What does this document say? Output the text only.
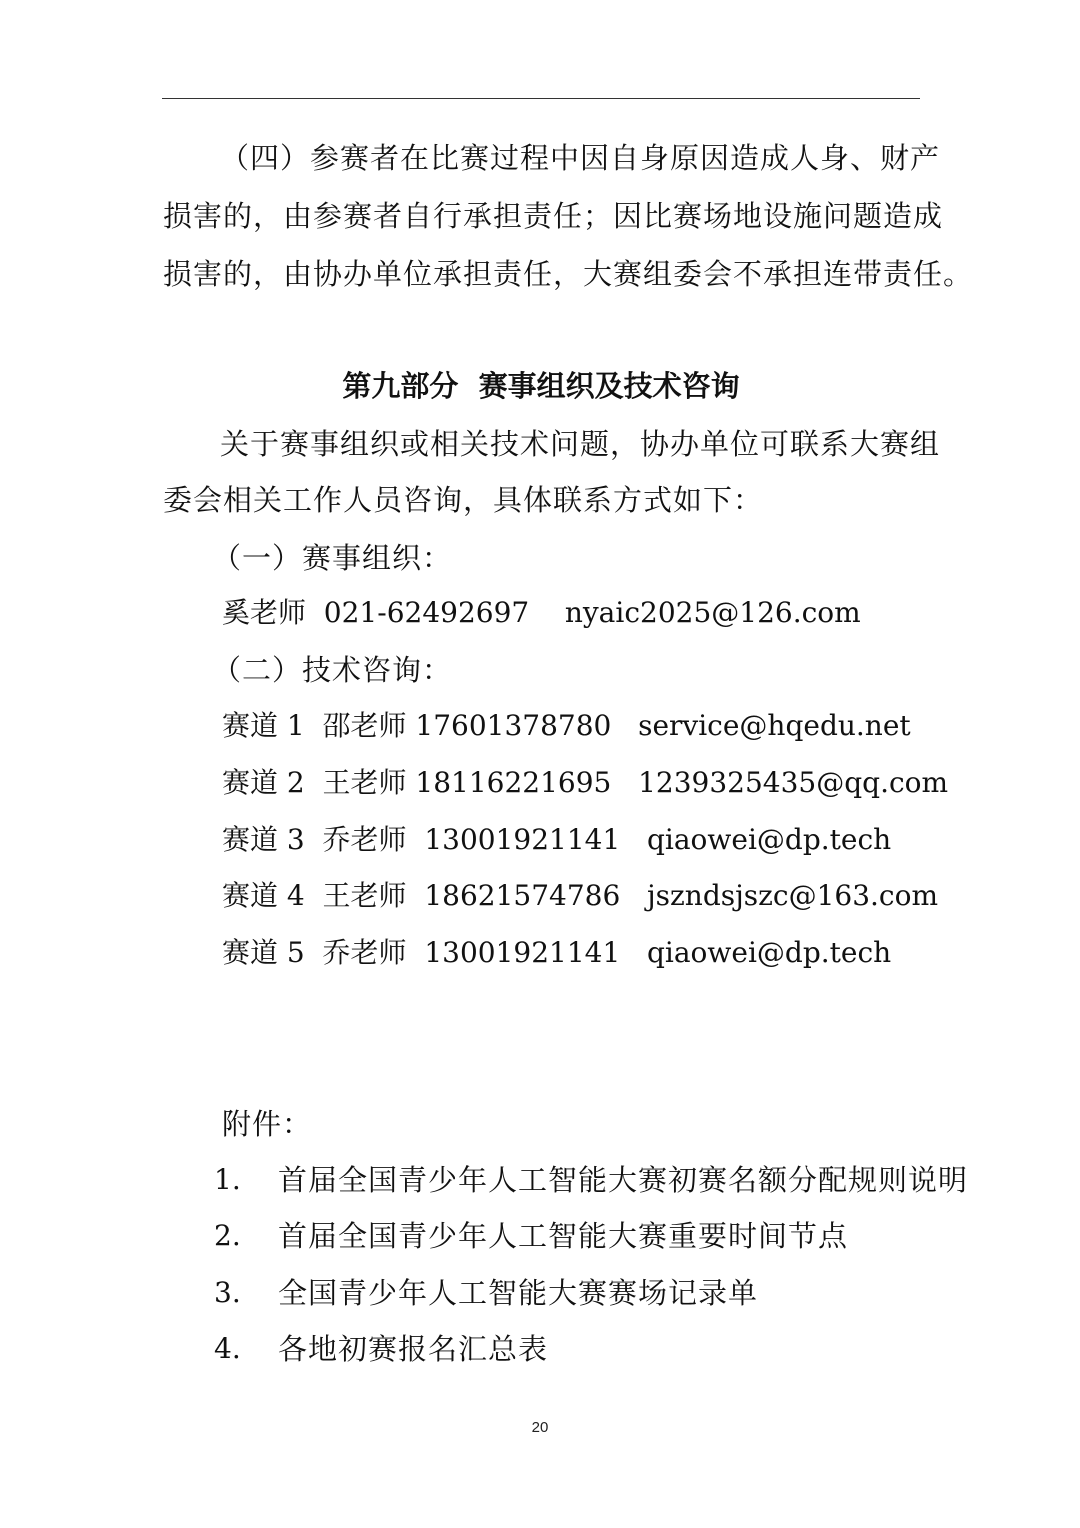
（四）参赛者在比赛过程中因自身原因造成人身、财产
损害的，由参赛者自行承担责任；因比赛场地设施问题造成
损害的，由协办单位承担责任，大赛组委会不承担连带责任。
第九部分  赛事组织及技术咨询
关于赛事组织或相关技术问题，协办单位可联系大赛组
委会相关工作人员咨询，具体联系方式如下：
（一）赛事组织：
奚老师  021-62492697    nyaic2025@126.com
（二）技术咨询：
赛道 1  邵老师 17601378780   service@hqedu.net
赛道 2  王老师 18116221695   1239325435@qq.com
赛道 3  乔老师  13001921141   qiaowei@dp.tech
赛道 4  王老师  18621574786   jszndsjszc@163.com
赛道 5  乔老师  13001921141   qiaowei@dp.tech
附件：
1. 首届全国青少年人工智能大赛初赛名额分配规则说明
2. 首届全国青少年人工智能大赛重要时间节点
3. 全国青少年人工智能大赛赛场记录单
4. 各地初赛报名汇总表
20
